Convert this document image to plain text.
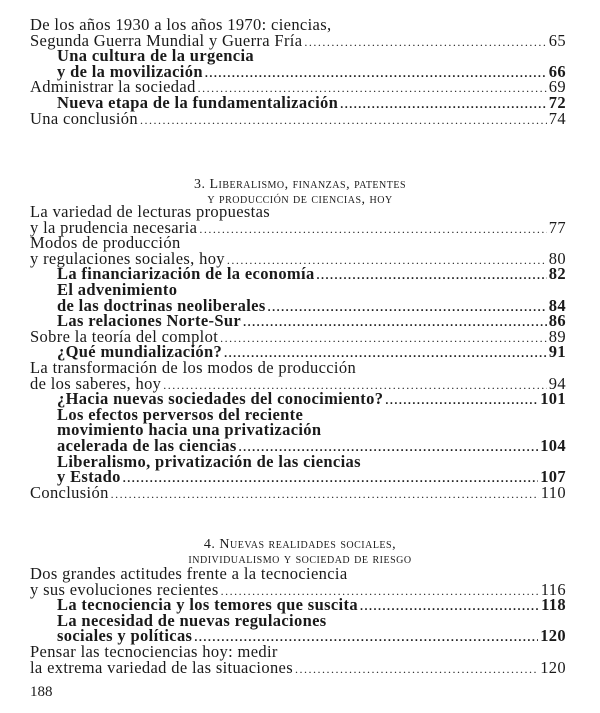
De los años 1930 a los años 1970: ciencias,
Segunda Guerra Mundial y Guerra Fría .....	65
Una cultura de la urgencia
y de la movilización .....	66
Administrar la sociedad .....	69
Nueva etapa de la fundamentalización .....	72
Una conclusión .....	74
3. Liberalismo, finanzas, patentes
y producción de ciencias, hoy
La variedad de lecturas propuestas
y la prudencia necesaria .....	77
Modos de producción
y regulaciones sociales, hoy .....	80
La financiarización de la economía .....	82
El advenimiento
de las doctrinas neoliberales .....	84
Las relaciones Norte-Sur .....	86
Sobre la teoría del complot .....	89
¿Qué mundialización? .....	91
La transformación de los modos de producción
de los saberes, hoy .....	94
¿Hacia nuevas sociedades del conocimiento? .....	101
Los efectos perversos del reciente
movimiento hacia una privatización
acelerada de las ciencias .....	104
Liberalismo, privatización de las ciencias
y Estado .....	107
Conclusión .....	110
4. Nuevas realidades sociales,
individualismo y sociedad de riesgo
Dos grandes actitudes frente a la tecnociencia
y sus evoluciones recientes .....	116
La tecnociencia y los temores que suscita .....	118
La necesidad de nuevas regulaciones
sociales y políticas .....	120
Pensar las tecnociencias hoy: medir
la extrema variedad de las situaciones .....	120
188
